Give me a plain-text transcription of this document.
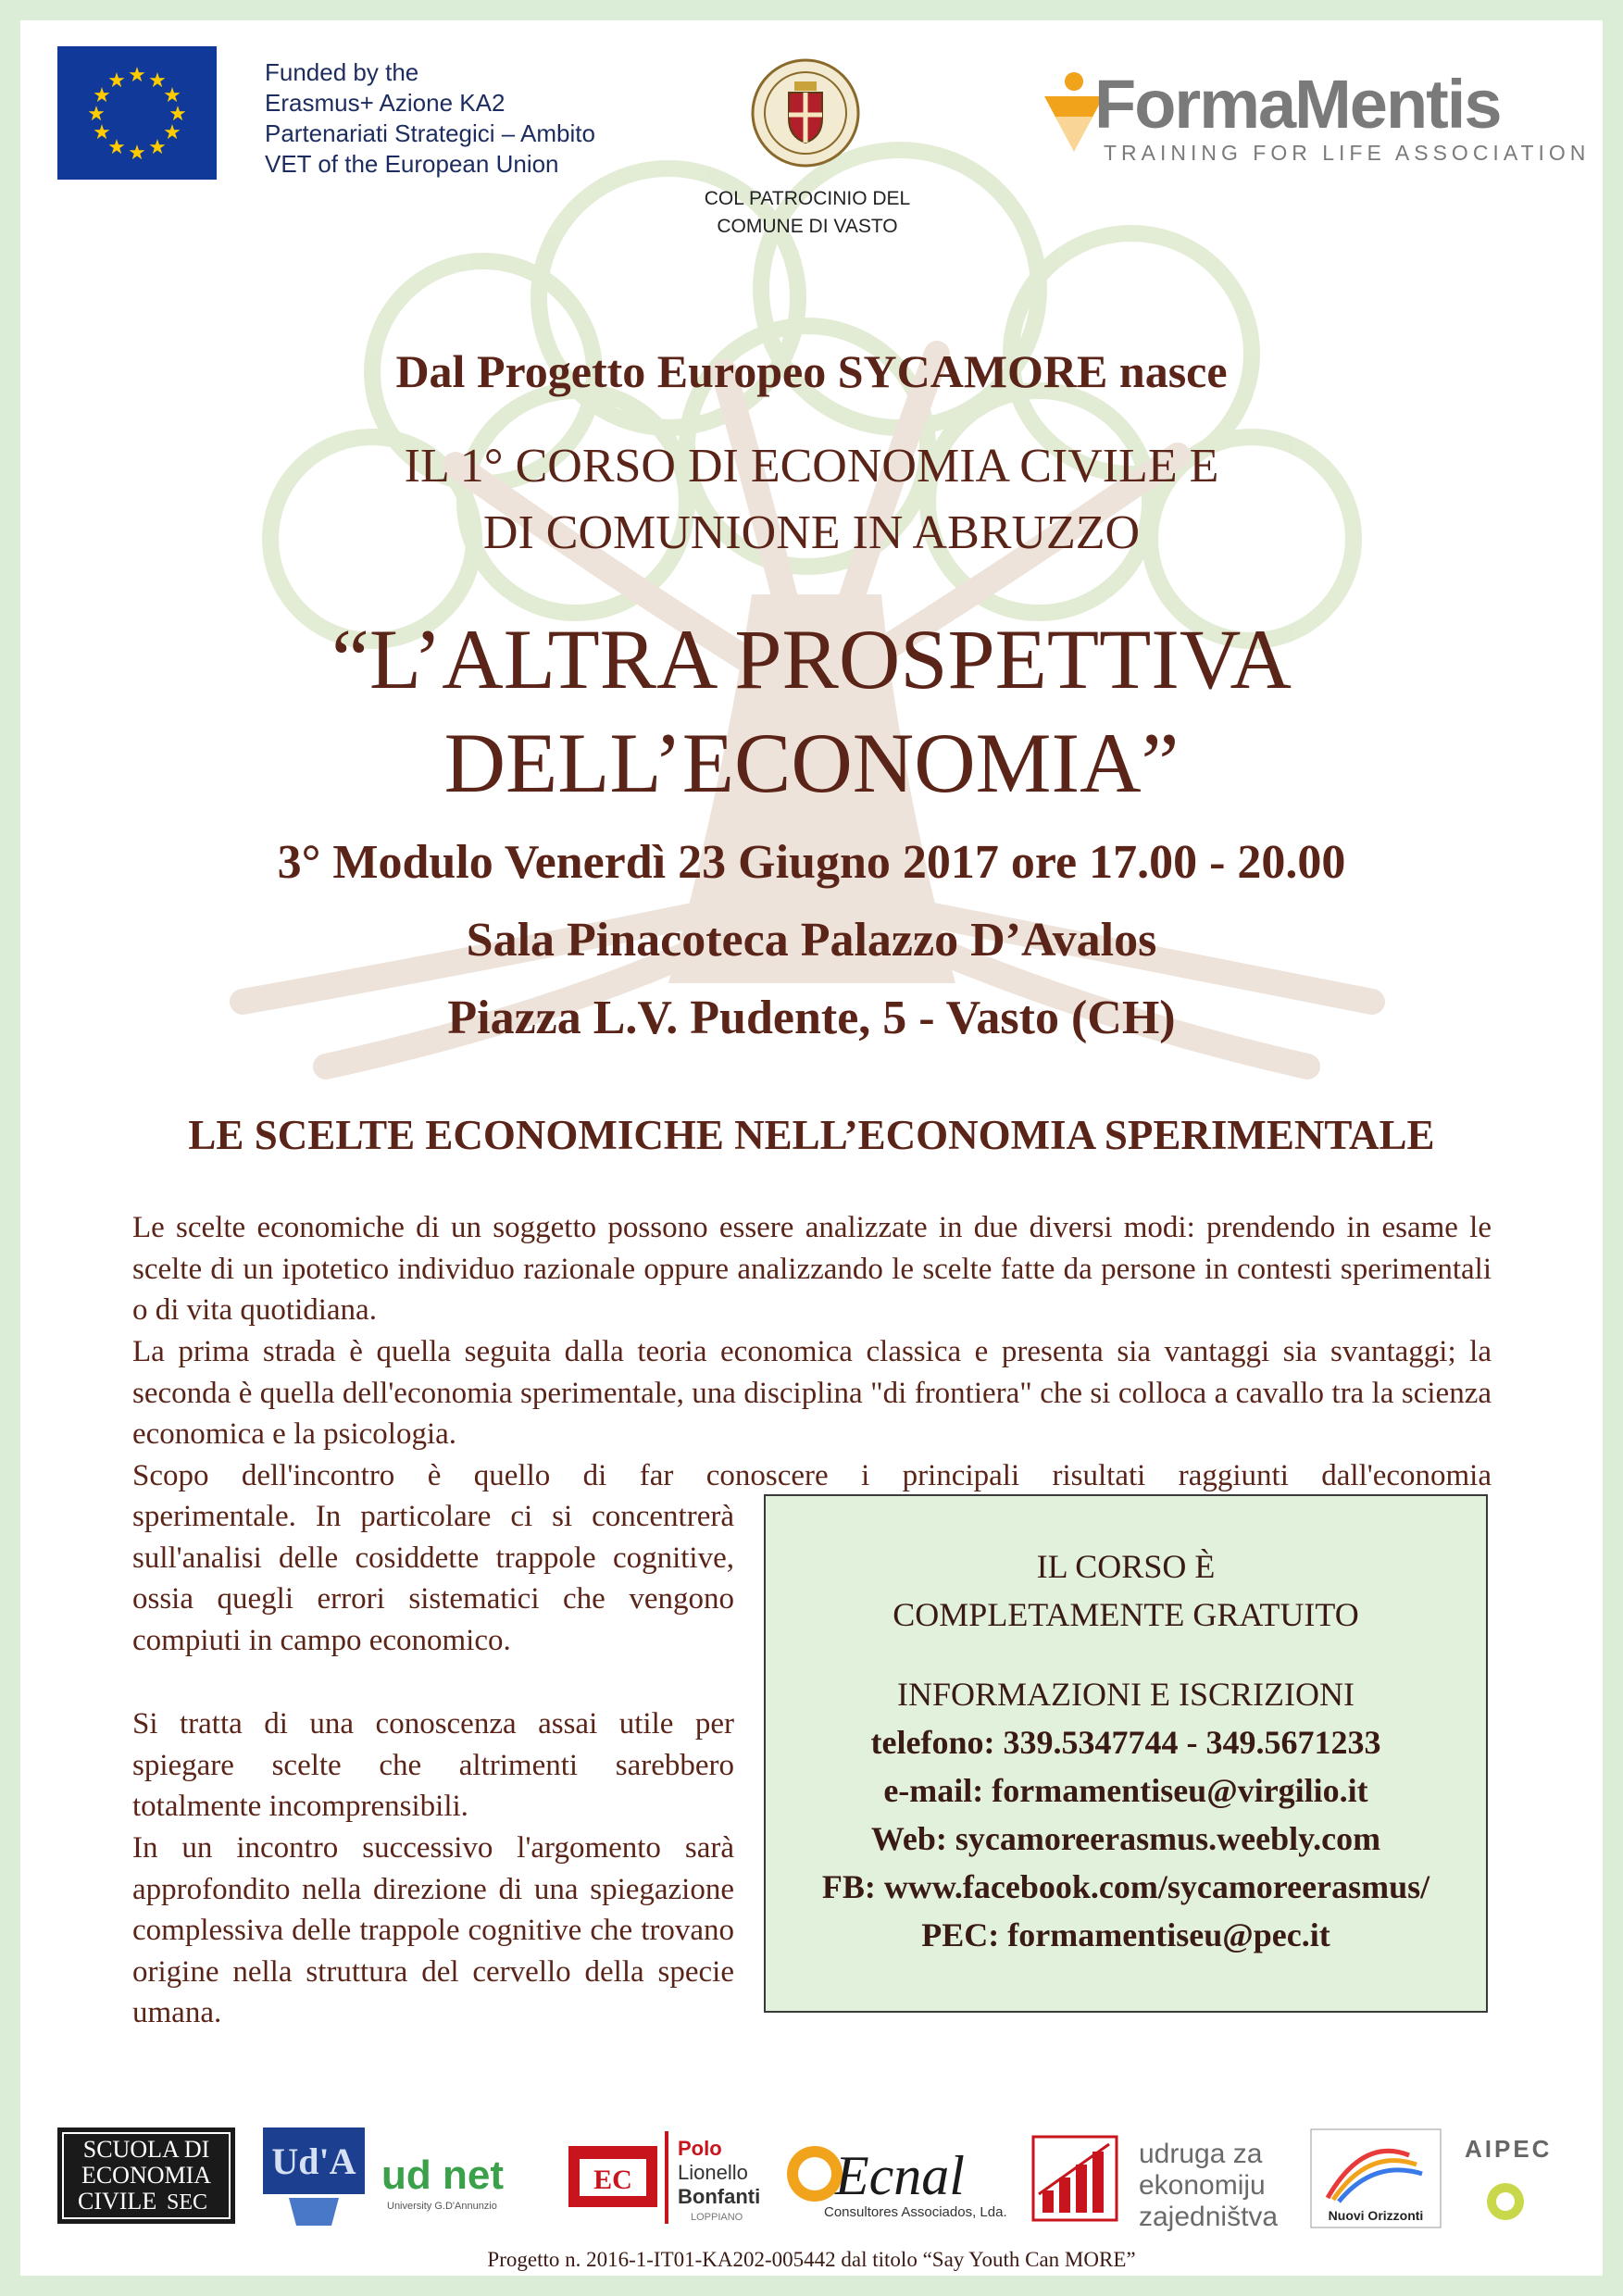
★ ★
★
★
★
★
★
★
★
★
★
★	Funded by the
Erasmus+ Azione KA2
Partenariati Strategici – Ambito
VET of the European Union
COL PATROCINIO DEL
COMUNE DI VASTO
FormaMentis
TRAINING FOR LIFE ASSOCIATION
Dal Progetto Europeo SYCAMORE nasce
IL 1° CORSO DI ECONOMIA CIVILE E
DI COMUNIONE IN ABRUZZO
“L’ALTRA PROSPETTIVA
DELL’ECONOMIA”
3° Modulo Venerdì 23 Giugno 2017 ore 17.00 - 20.00
Sala Pinacoteca Palazzo D’Avalos
Piazza L.V. Pudente, 5 - Vasto (CH)
LE SCELTE ECONOMICHE NELL’ECONOMIA SPERIMENTALE
Le scelte economiche di un soggetto possono essere analizzate in due diversi modi: prendendo in esame le scelte di un ipotetico individuo razionale oppure analizzando le scelte fatte da persone in contesti sperimentali o di vita quotidiana.
La prima strada è quella seguita dalla teoria economica classica e presenta sia vantaggi sia svantaggi; la seconda è quella dell'economia sperimentale, una disciplina "di frontiera" che si colloca a cavallo tra la scienza economica e la psicologia.
Scopo dell'incontro è quello di far conoscere i principali risultati raggiunti dall'economia
sperimentale. In particolare ci si concentrerà sull'analisi delle cosiddette trappole cognitive, ossia quegli errori sistematici che vengono compiuti in campo economico.
Si tratta di una conoscenza assai utile per spiegare scelte che altrimenti sarebbero totalmente incomprensibili.
In un incontro successivo l'argomento sarà approfondito nella direzione di una spiegazione complessiva delle trappole cognitive che trovano origine nella struttura del cervello della specie umana.
IL CORSO È
COMPLETAMENTE GRATUITO
INFORMAZIONI E ISCRIZIONI
telefono: 339.5347744 - 349.5671233
e-mail: formamentiseu@virgilio.it
Web: sycamoreerasmus.weebly.com
FB: www.facebook.com/sycamoreerasmus/
PEC: formamentiseu@pec.it
SCUOLA DI
ECONOMIA
CIVILE SEC
Ud'A ud net
University G.D'Annunzio
EC
Polo
Lionello
Bonfanti
LOPPIANO
Ecnal
Consultores Associados, Lda.
udruga za
ekonomiju
zajedništva	Nuovi Orizzonti
AIPEC
Progetto n. 2016-1-IT01-KA202-005442 dal titolo “Say Youth Can MORE”
